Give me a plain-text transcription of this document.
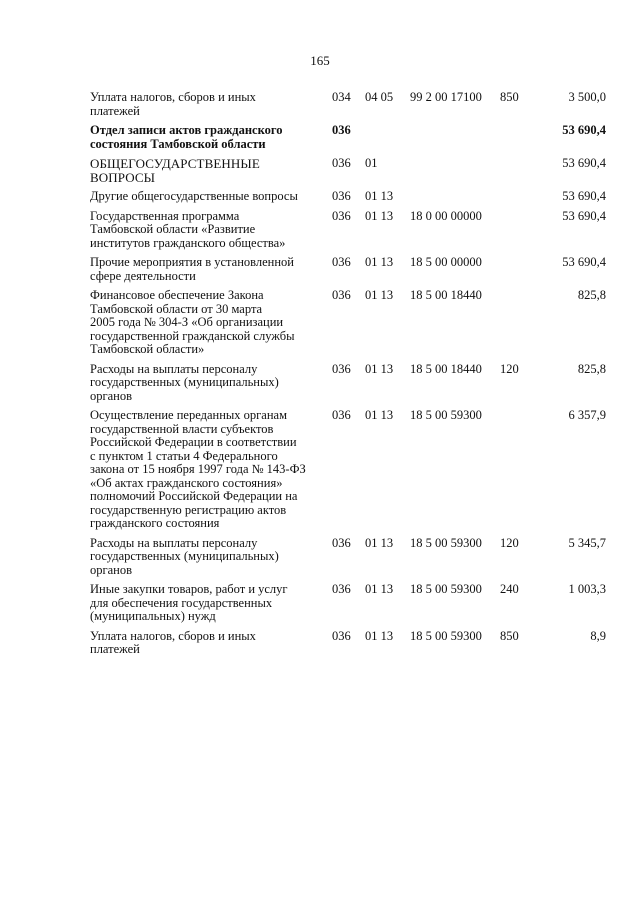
165
Уплата налогов, сборов и иных
платежей
034 04 05 99 2 00 17100 850	3 500,0
Отдел записи актов гражданского
состояния Тамбовской области
036	53 690,4
ОБЩЕГОСУДАРСТВЕННЫЕ
ВОПРОСЫ
036 01	53 690,4
Другие общегосударственные вопросы	036 01 13	53 690,4
Государственная программа
Тамбовской области «Развитие
институтов гражданского общества»
036 01 13 18 0 00 00000	53 690,4
Прочие мероприятия в установленной
сфере деятельности
036 01 13 18 5 00 00000	53 690,4
Финансовое обеспечение Закона
Тамбовской области от 30 марта
2005 года № 304-З «Об организации
государственной гражданской службы
Тамбовской области»
036 01 13 18 5 00 18440	825,8
Расходы на выплаты персоналу
государственных (муниципальных)
органов
036 01 13 18 5 00 18440 120	825,8
Осуществление переданных органам
государственной власти субъектов
Российской Федерации в соответствии
с пунктом 1 статьи 4 Федерального
закона от 15 ноября 1997 года № 143-ФЗ
«Об актах гражданского состояния»
полномочий Российской Федерации на
государственную регистрацию актов
гражданского состояния
036 01 13 18 5 00 59300	6 357,9
Расходы на выплаты персоналу
государственных (муниципальных)
органов
036 01 13 18 5 00 59300 120	5 345,7
Иные закупки товаров, работ и услуг
для обеспечения государственных
(муниципальных) нужд
036 01 13 18 5 00 59300 240	1 003,3
Уплата налогов, сборов и иных
платежей
036 01 13 18 5 00 59300 850	8,9
